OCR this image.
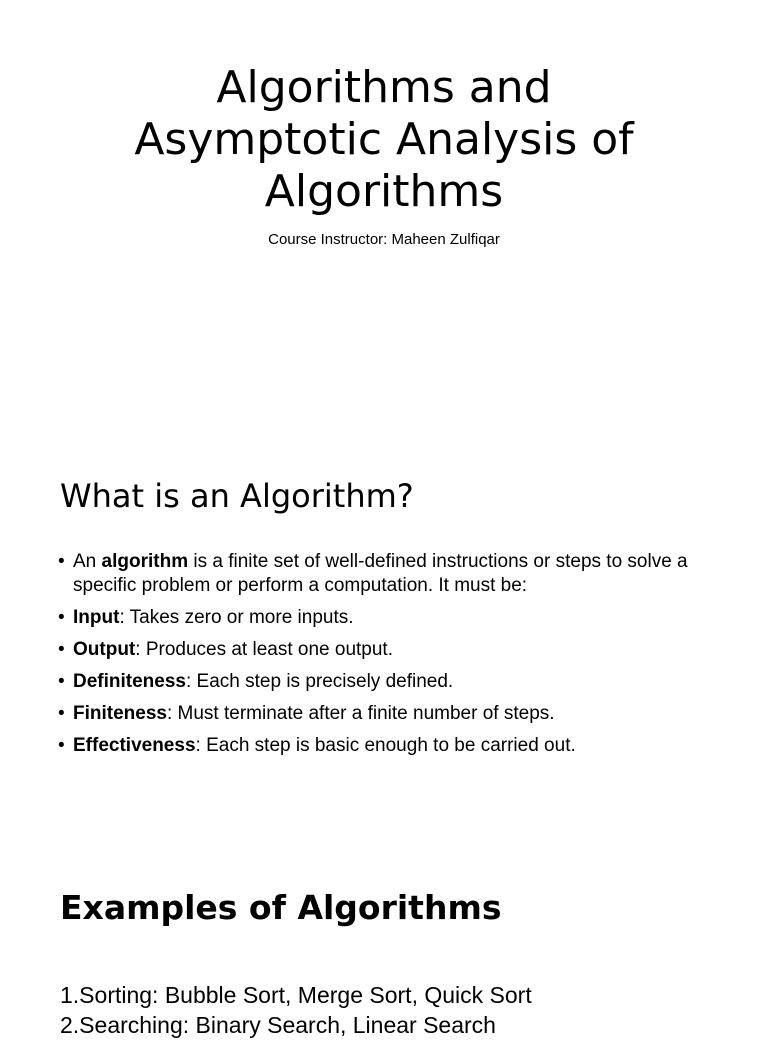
Algorithms and
Asymptotic Analysis of
Algorithms

Course Instructor: Maheen Zulfiqar

What is an Algorithm?
• An algorithm is a finite set of well-defined instructions or steps to solve a specific problem or perform a computation. It must be:
• Input: Takes zero or more inputs.
• Output: Produces at least one output.
• Definiteness: Each step is precisely defined.
• Finiteness: Must terminate after a finite number of steps.
• Effectiveness: Each step is basic enough to be carried out.
Examples of Algorithms
1.Sorting: Bubble Sort, Merge Sort, Quick Sort
2.Searching: Binary Search, Linear Search
